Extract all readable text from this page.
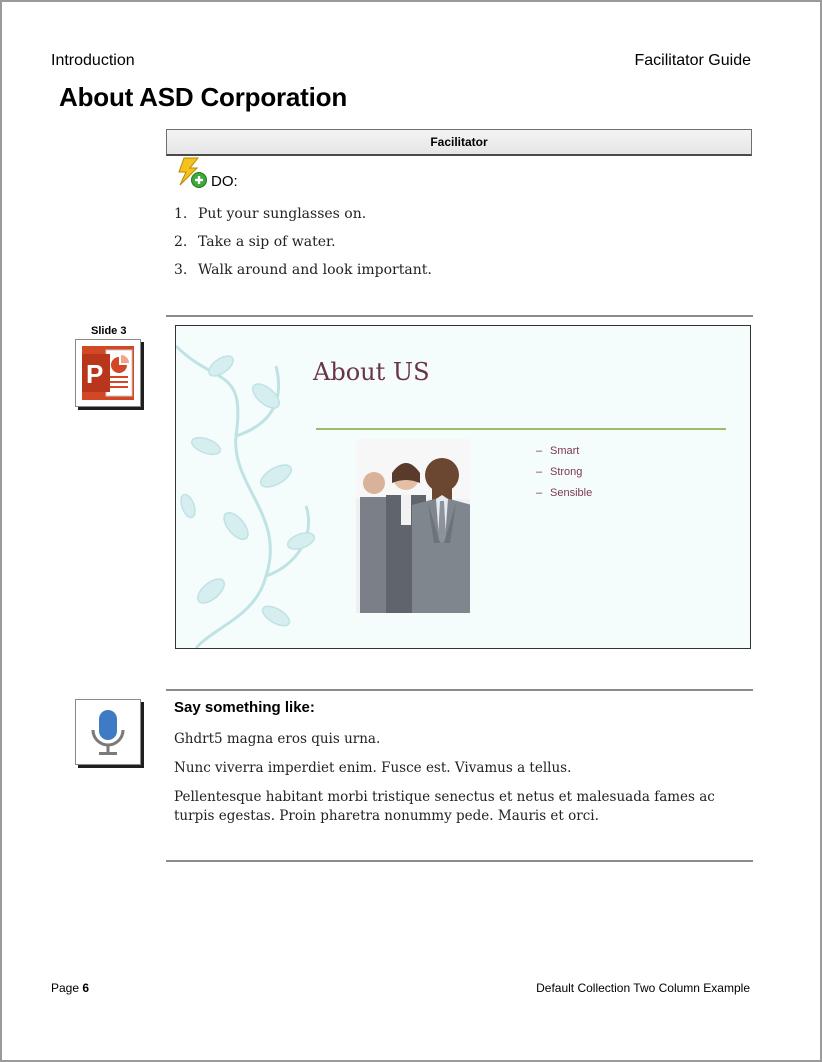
Introduction	Facilitator Guide
About ASD Corporation
Facilitator
DO:
1. Put your sunglasses on.
2. Take a sip of water.
3. Walk around and look important.
Slide 3
P	About US
– Smart
– Strong
– Sensible
Say something like:

Ghdrt5 magna eros quis urna.

Nunc viverra imperdiet enim. Fusce est. Vivamus a tellus.

Pellentesque habitant morbi tristique senectus et netus et malesuada fames ac turpis egestas. Proin pharetra nonummy pede. Mauris et orci.

Page 6	Default Collection Two Column Example
